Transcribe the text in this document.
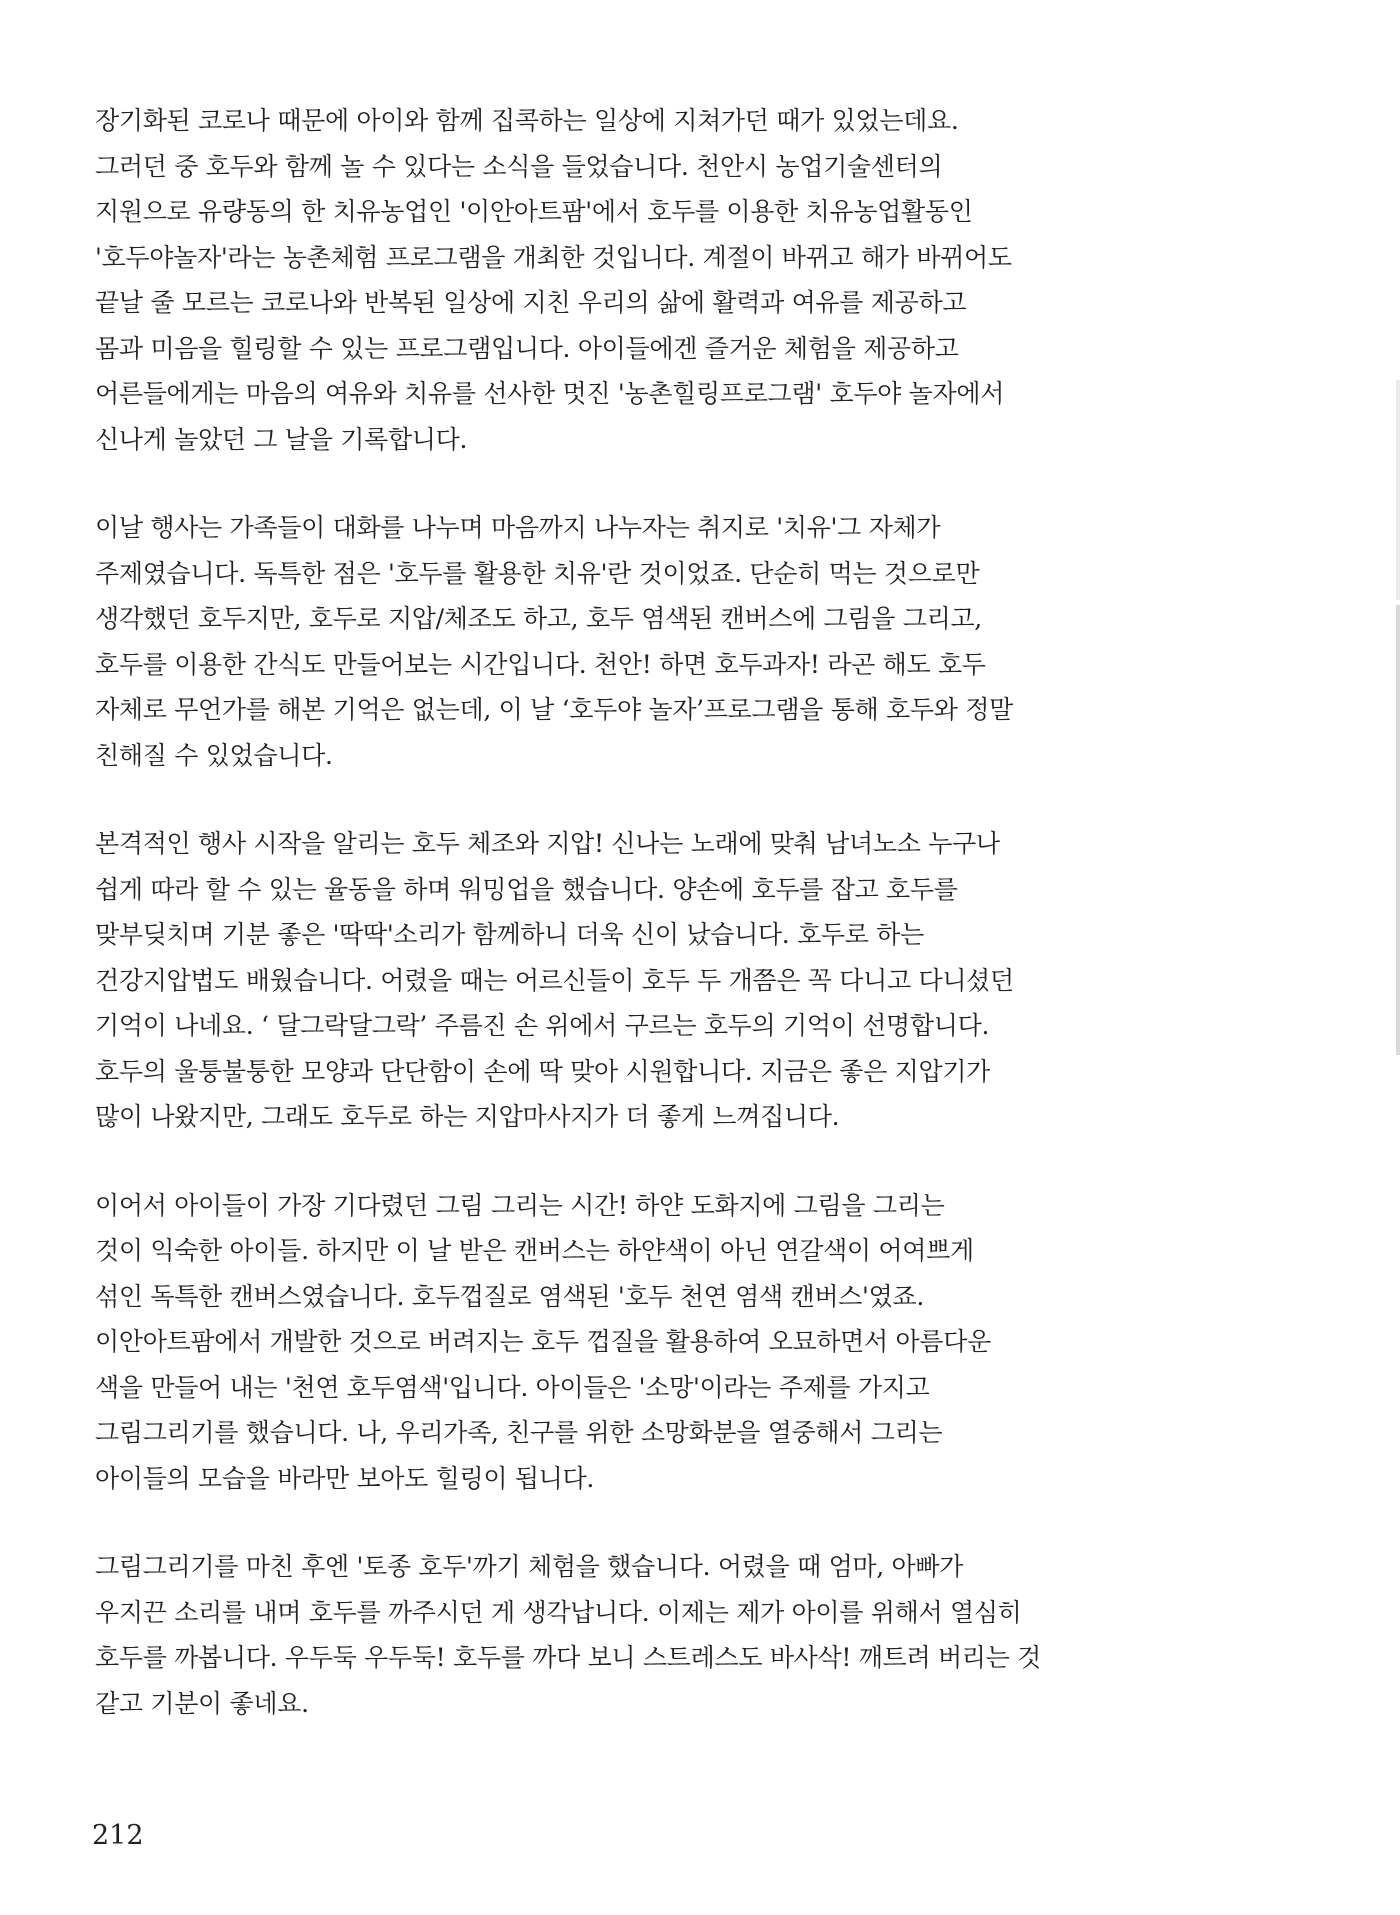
장기화된 코로나 때문에 아이와 함께 집콕하는 일상에 지쳐가던 때가 있었는데요.
그러던 중 호두와 함께 놀 수 있다는 소식을 들었습니다. 천안시 농업기술센터의
지원으로 유량동의 한 치유농업인 '이안아트팜'에서 호두를 이용한 치유농업활동인
'호두야놀자'라는 농촌체험 프로그램을 개최한 것입니다. 계절이 바뀌고 해가 바뀌어도
끝날 줄 모르는 코로나와 반복된 일상에 지친 우리의 삶에 활력과 여유를 제공하고
몸과 미음을 힐링할 수 있는 프로그램입니다. 아이들에겐 즐거운 체험을 제공하고
어른들에게는 마음의 여유와 치유를 선사한 멋진 '농촌힐링프로그램' 호두야 놀자에서
신나게 놀았던 그 날을 기록합니다.

이날 행사는 가족들이 대화를 나누며 마음까지 나누자는 취지로 '치유'그 자체가
주제였습니다. 독특한 점은 '호두를 활용한 치유'란 것이었죠. 단순히 먹는 것으로만
생각했던 호두지만, 호두로 지압/체조도 하고, 호두 염색된 캔버스에 그림을 그리고,
호두를 이용한 간식도 만들어보는 시간입니다. 천안! 하면 호두과자! 라곤 해도 호두
자체로 무언가를 해본 기억은 없는데, 이 날 ‘호두야 놀자’프로그램을 통해 호두와 정말
친해질 수 있었습니다.

본격적인 행사 시작을 알리는 호두 체조와 지압! 신나는 노래에 맞춰 남녀노소 누구나
쉽게 따라 할 수 있는 율동을 하며 워밍업을 했습니다. 양손에 호두를 잡고 호두를
맞부딪치며 기분 좋은 '딱딱'소리가 함께하니 더욱 신이 났습니다. 호두로 하는
건강지압법도 배웠습니다. 어렸을 때는 어르신들이 호두 두 개쯤은 꼭 다니고 다니셨던
기억이 나네요. ‘ 달그락달그락’ 주름진 손 위에서 구르는 호두의 기억이 선명합니다.
호두의 울퉁불퉁한 모양과 단단함이 손에 딱 맞아 시원합니다. 지금은 좋은 지압기가
많이 나왔지만, 그래도 호두로 하는 지압마사지가 더 좋게 느껴집니다.

이어서 아이들이 가장 기다렸던 그림 그리는 시간! 하얀 도화지에 그림을 그리는
것이 익숙한 아이들. 하지만 이 날 받은 캔버스는 하얀색이 아닌 연갈색이 어여쁘게
섞인 독특한 캔버스였습니다. 호두껍질로 염색된 '호두 천연 염색 캔버스'였죠.
이안아트팜에서 개발한 것으로 버려지는 호두 껍질을 활용하여 오묘하면서 아름다운
색을 만들어 내는 '천연 호두염색'입니다. 아이들은 '소망'이라는 주제를 가지고
그림그리기를 했습니다. 나, 우리가족, 친구를 위한 소망화분을 열중해서 그리는
아이들의 모습을 바라만 보아도 힐링이 됩니다.

그림그리기를 마친 후엔 '토종 호두'까기 체험을 했습니다. 어렸을 때 엄마, 아빠가
우지끈 소리를 내며 호두를 까주시던 게 생각납니다. 이제는 제가 아이를 위해서 열심히
호두를 까봅니다. 우두둑 우두둑! 호두를 까다 보니 스트레스도 바사삭! 깨트려 버리는 것
같고 기분이 좋네요.

212
